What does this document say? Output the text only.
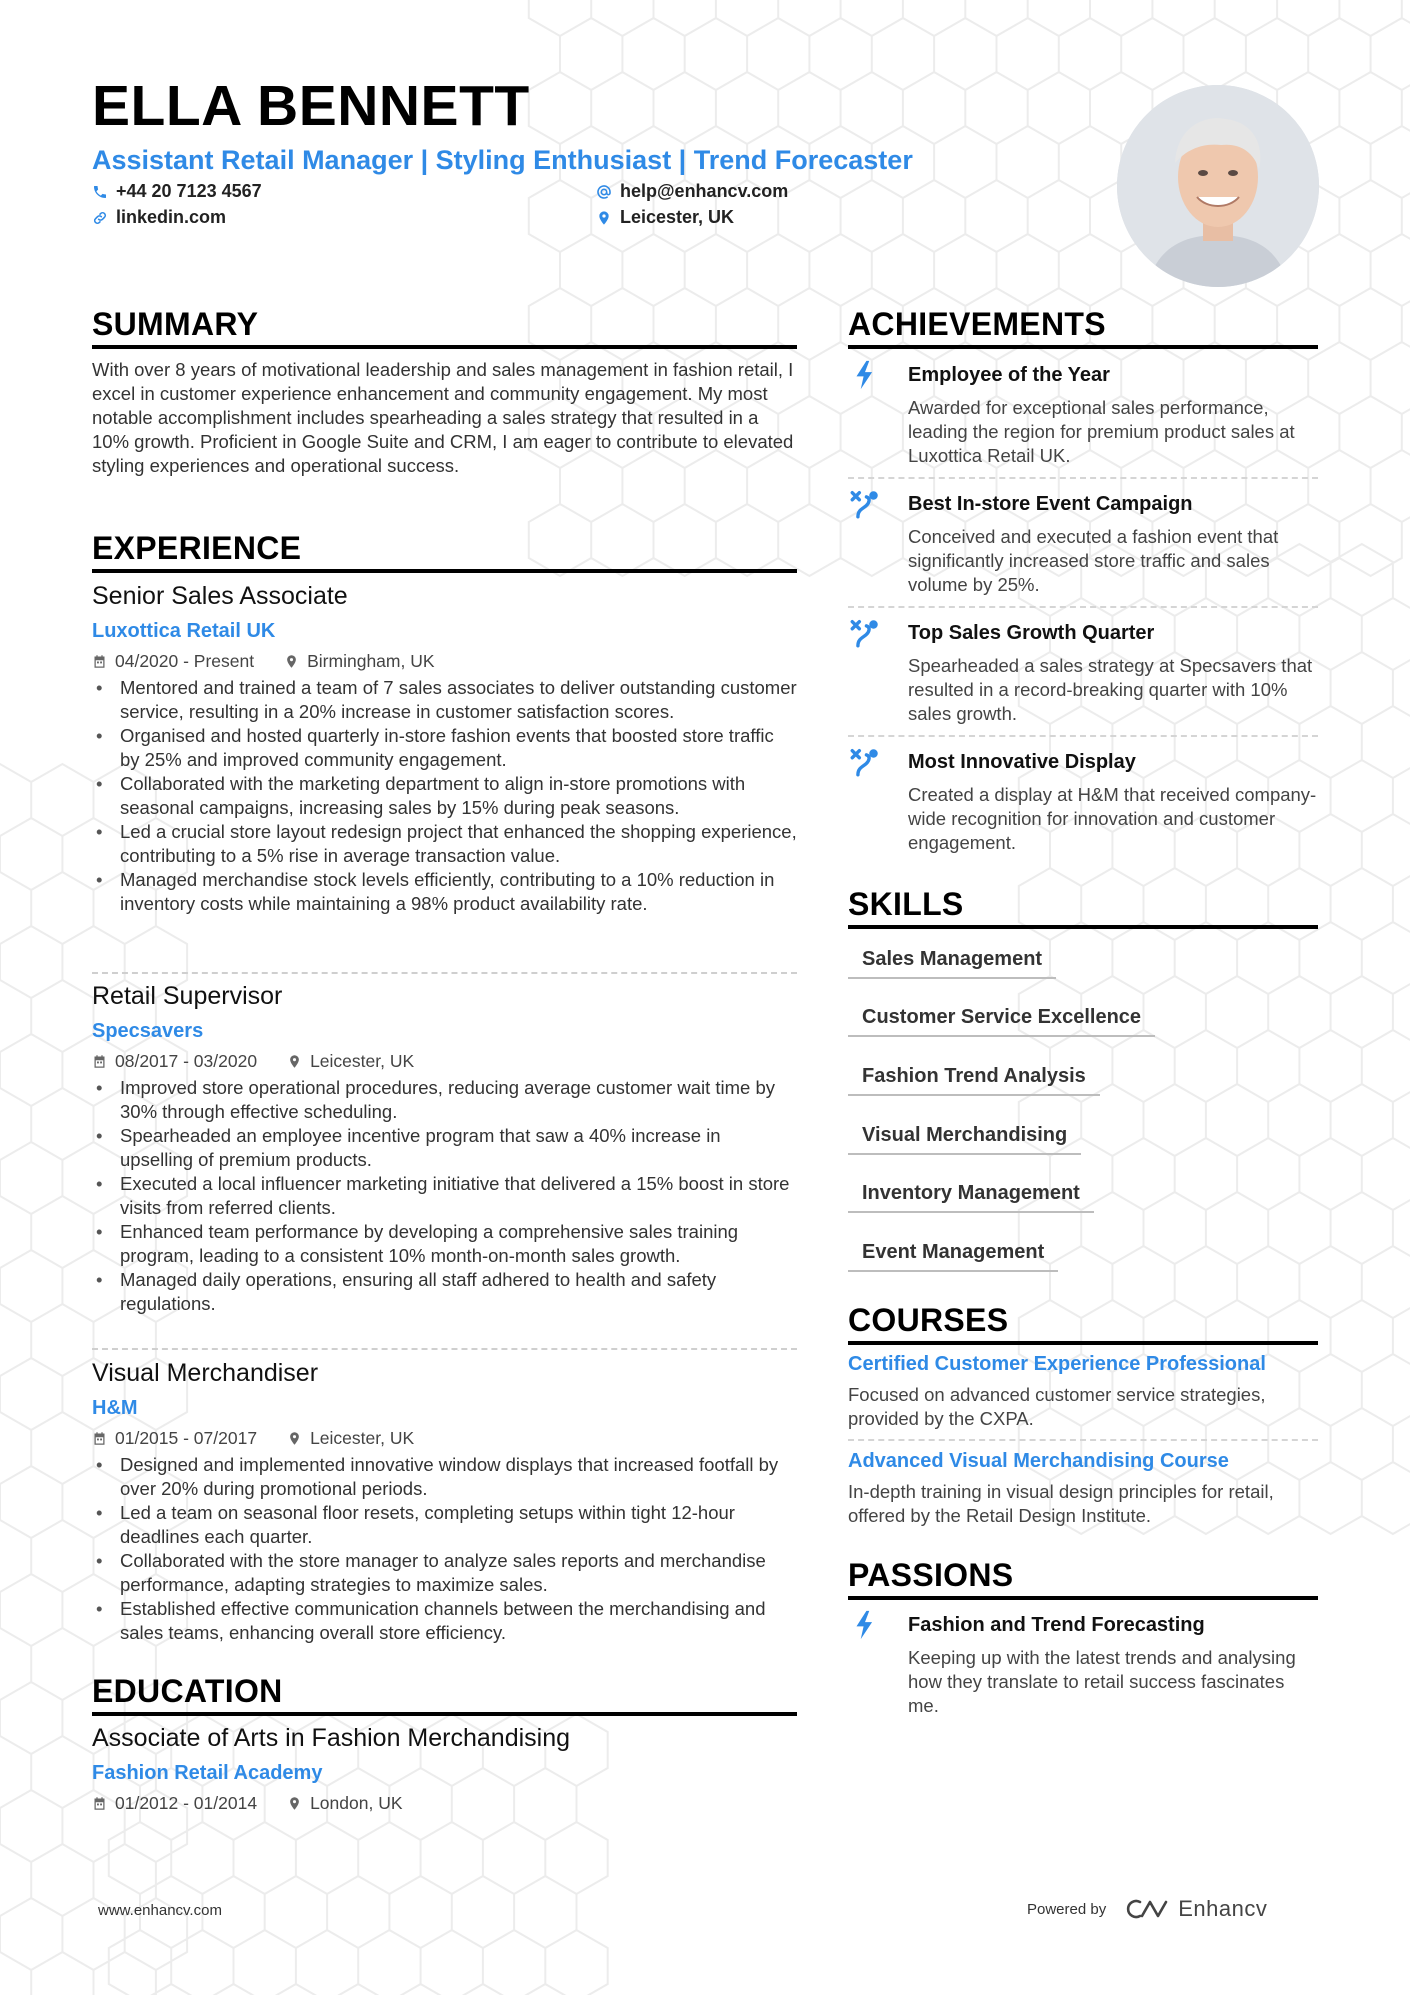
ELLA BENNETT
Assistant Retail Manager | Styling Enthusiast | Trend Forecaster
+44 20 7123 4567	help@enhancv.com
linkedin.com	Leicester, UK
SUMMARY

With over 8 years of motivational leadership and sales management in fashion retail, I excel in customer experience enhancement and community engagement. My most notable accomplishment includes spearheading a sales strategy that resulted in a 10% growth. Proficient in Google Suite and CRM, I am eager to contribute to elevated styling experiences and operational success.

EXPERIENCE
Senior Sales Associate
Luxottica Retail UK
04/2020 - Present	Birmingham, UK
• Mentored and trained a team of 7 sales associates to deliver outstanding customer service, resulting in a 20% increase in customer satisfaction scores.
• Organised and hosted quarterly in-store fashion events that boosted store traffic by 25% and improved community engagement.
• Collaborated with the marketing department to align in-store promotions with seasonal campaigns, increasing sales by 15% during peak seasons.
• Led a crucial store layout redesign project that enhanced the shopping experience, contributing to a 5% rise in average transaction value.
• Managed merchandise stock levels efficiently, contributing to a 10% reduction in inventory costs while maintaining a 98% product availability rate.
Retail Supervisor
Specsavers
08/2017 - 03/2020	Leicester, UK
• Improved store operational procedures, reducing average customer wait time by 30% through effective scheduling.
• Spearheaded an employee incentive program that saw a 40% increase in upselling of premium products.
• Executed a local influencer marketing initiative that delivered a 15% boost in store visits from referred clients.
• Enhanced team performance by developing a comprehensive sales training program, leading to a consistent 10% month-on-month sales growth.
• Managed daily operations, ensuring all staff adhered to health and safety regulations.
Visual Merchandiser
H&M
01/2015 - 07/2017	Leicester, UK
• Designed and implemented innovative window displays that increased footfall by over 20% during promotional periods.
• Led a team on seasonal floor resets, completing setups within tight 12-hour deadlines each quarter.
• Collaborated with the store manager to analyze sales reports and merchandise performance, adapting strategies to maximize sales.
• Established effective communication channels between the merchandising and sales teams, enhancing overall store efficiency.
EDUCATION
Associate of Arts in Fashion Merchandising
Fashion Retail Academy
01/2012 - 01/2014	London, UK
ACHIEVEMENTS
Employee of the Year

Awarded for exceptional sales performance, leading the region for premium product sales at Luxottica Retail UK.

Best In-store Event Campaign

Conceived and executed a fashion event that significantly increased store traffic and sales volume by 25%.

Top Sales Growth Quarter

Spearheaded a sales strategy at Specsavers that resulted in a record-breaking quarter with 10% sales growth.

Most Innovative Display

Created a display at H&M that received company-wide recognition for innovation and customer engagement.

SKILLS
Sales Management
Customer Service Excellence
Fashion Trend Analysis
Visual Merchandising
Inventory Management
Event Management
COURSES
Certified Customer Experience Professional

Focused on advanced customer service strategies, provided by the CXPA.

Advanced Visual Merchandising Course

In-depth training in visual design principles for retail, offered by the Retail Design Institute.

PASSIONS
Fashion and Trend Forecasting

Keeping up with the latest trends and analysing how they translate to retail success fascinates me.

www.enhancv.com	Powered by	Enhancv
